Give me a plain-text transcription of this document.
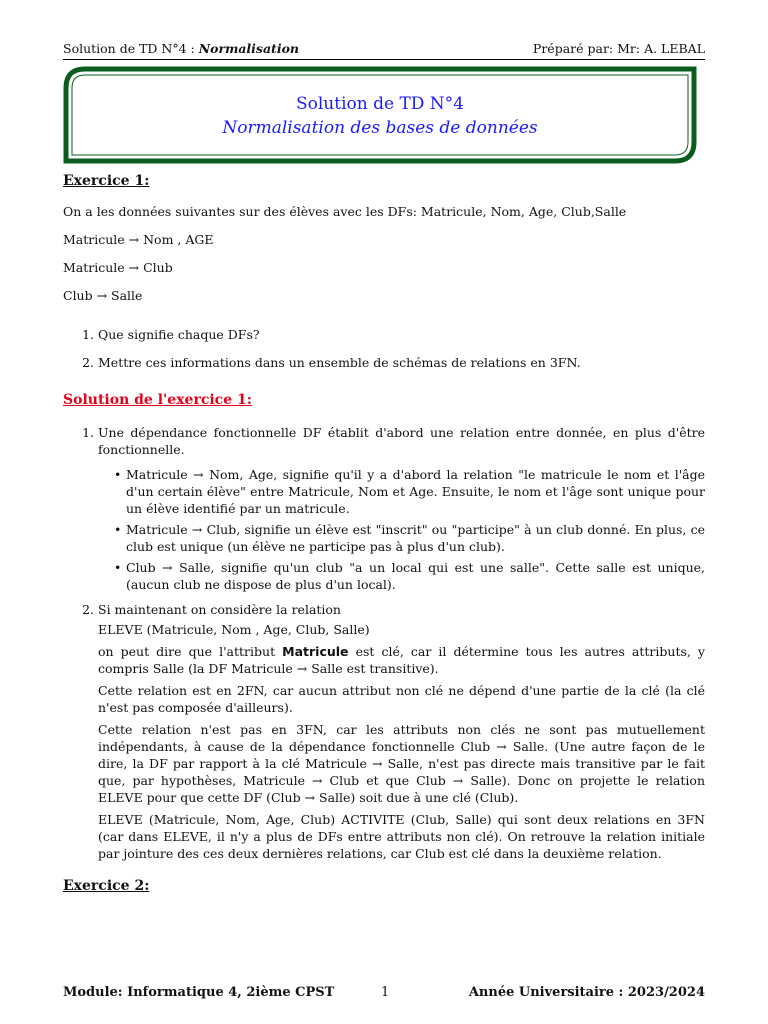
Solution de TD N°4 : Normalisation	Préparé par: Mr: A. LEBAL
Solution de TD N°4
Normalisation des bases de données
Exercice 1:

On a les données suivantes sur des élèves avec les DFs: Matricule, Nom, Age, Club,Salle

Matricule → Nom , AGE

Matricule → Club

Club → Salle

1. Que signifie chaque DFs?
2. Mettre ces informations dans un ensemble de schémas de relations en 3FN.
Solution de l'exercice 1:
1. Une dépendance fonctionnelle DF établit d'abord une relation entre donnée, en plus d'être fonctionnelle.
• Matricule → Nom, Age, signifie qu'il y a d'abord la relation "le matricule le nom et l'âge d'un certain élève" entre Matricule, Nom et Age. Ensuite, le nom et l'âge sont unique pour un élève identifié par un matricule.
• Matricule → Club, signifie un élève est "inscrit" ou "participe" à un club donné. En plus, ce club est unique (un élève ne participe pas à plus d'un club).
• Club → Salle, signifie qu'un club "a un local qui est une salle". Cette salle est unique, (aucun club ne dispose de plus d'un local).

2. Si maintenant on considère la relation

ELEVE (Matricule, Nom , Age, Club, Salle)

on peut dire que l'attribut Matricule est clé, car il détermine tous les autres attributs, y compris Salle (la DF Matricule → Salle est transitive).

Cette relation est en 2FN, car aucun attribut non clé ne dépend d'une partie de la clé (la clé n'est pas composée d'ailleurs).

Cette relation n'est pas en 3FN, car les attributs non clés ne sont pas mutuellement indépendants, à cause de la dépendance fonctionnelle Club → Salle. (Une autre façon de le dire, la DF par rapport à la clé Matricule → Salle, n'est pas directe mais transitive par le fait que, par hypothèses, Matricule → Club et que Club → Salle). Donc on projette le relation ELEVE pour que cette DF (Club → Salle) soit due à une clé (Club).

ELEVE (Matricule, Nom, Age, Club) ACTIVITE (Club, Salle) qui sont deux relations en 3FN (car dans ELEVE, il n'y a plus de DFs entre attributs non clé). On retrouve la relation initiale par jointure des ces deux dernières relations, car Club est clé dans la deuxième relation.

Exercice 2:
Module: Informatique 4, 2ième CPST	1	Année Universitaire : 2023/2024
